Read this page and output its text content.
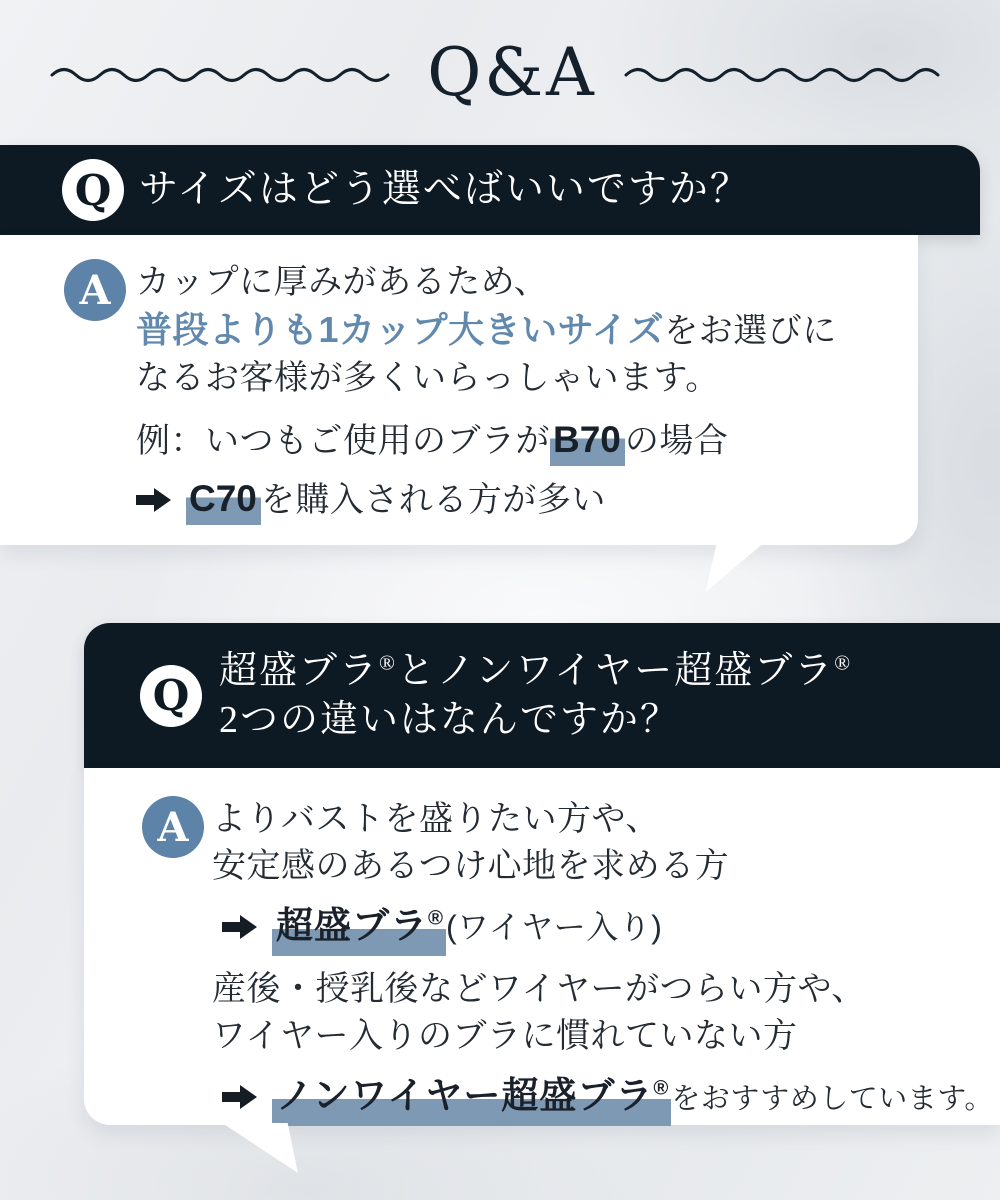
Q&A
Q サイズはどう選べばいいですか？
A カップに厚みがあるため、
普段よりも1カップ大きいサイズをお選びに
なるお客様が多くいらっしゃいます。
例：いつもご使用のブラがB70 の場合
C70 を購入される方が多い
Q
超盛ブラ®とノンワイヤー超盛ブラ®
2つの違いはなんですか？
A よりバストを盛りたい方や、
安定感のあるつけ心地を求める方
超盛ブラ®(ワイヤー入り)
産後・授乳後などワイヤーがつらい方や、
ワイヤー入りのブラに慣れていない方
ノンワイヤー超盛ブラ®をおすすめしています。
